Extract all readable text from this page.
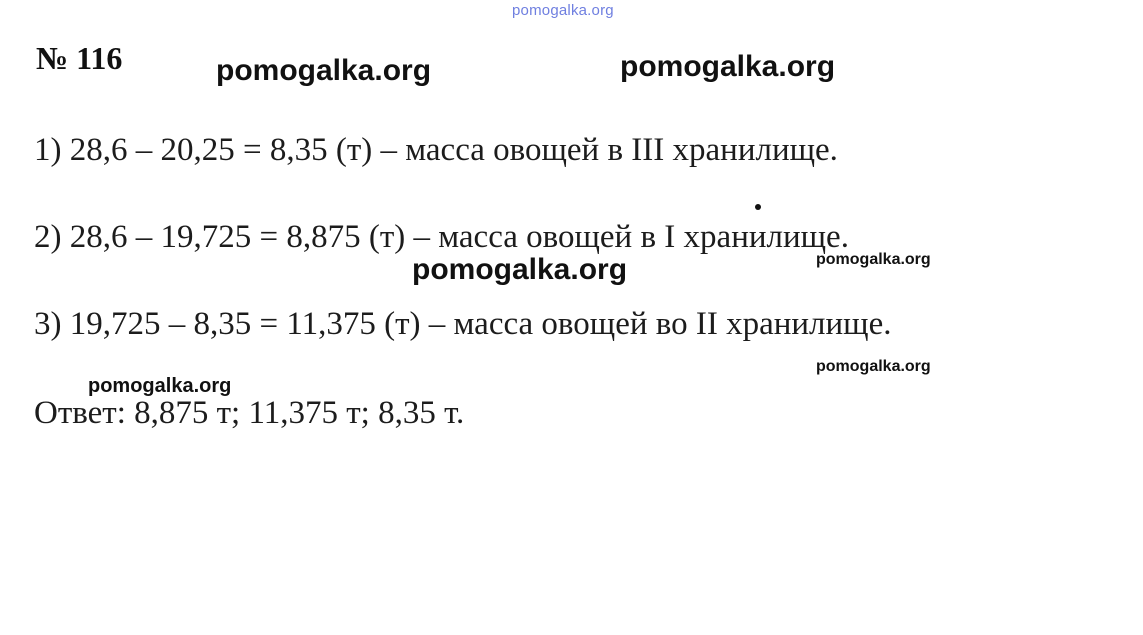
pomogalka.org
№ 116	pomogalka.org	pomogalka.org
1) 28,6 – 20,25 = 8,35 (т) – масса овощей в III хранилище.
2) 28,6 – 19,725 = 8,875 (т) – масса овощей в I хранилище.
pomogalka.org
pomogalka.org
3) 19,725 – 8,35 = 11,375 (т) – масса овощей во II хранилище.
pomogalka.org
pomogalka.org
Ответ: 8,875 т; 11,375 т; 8,35 т.
